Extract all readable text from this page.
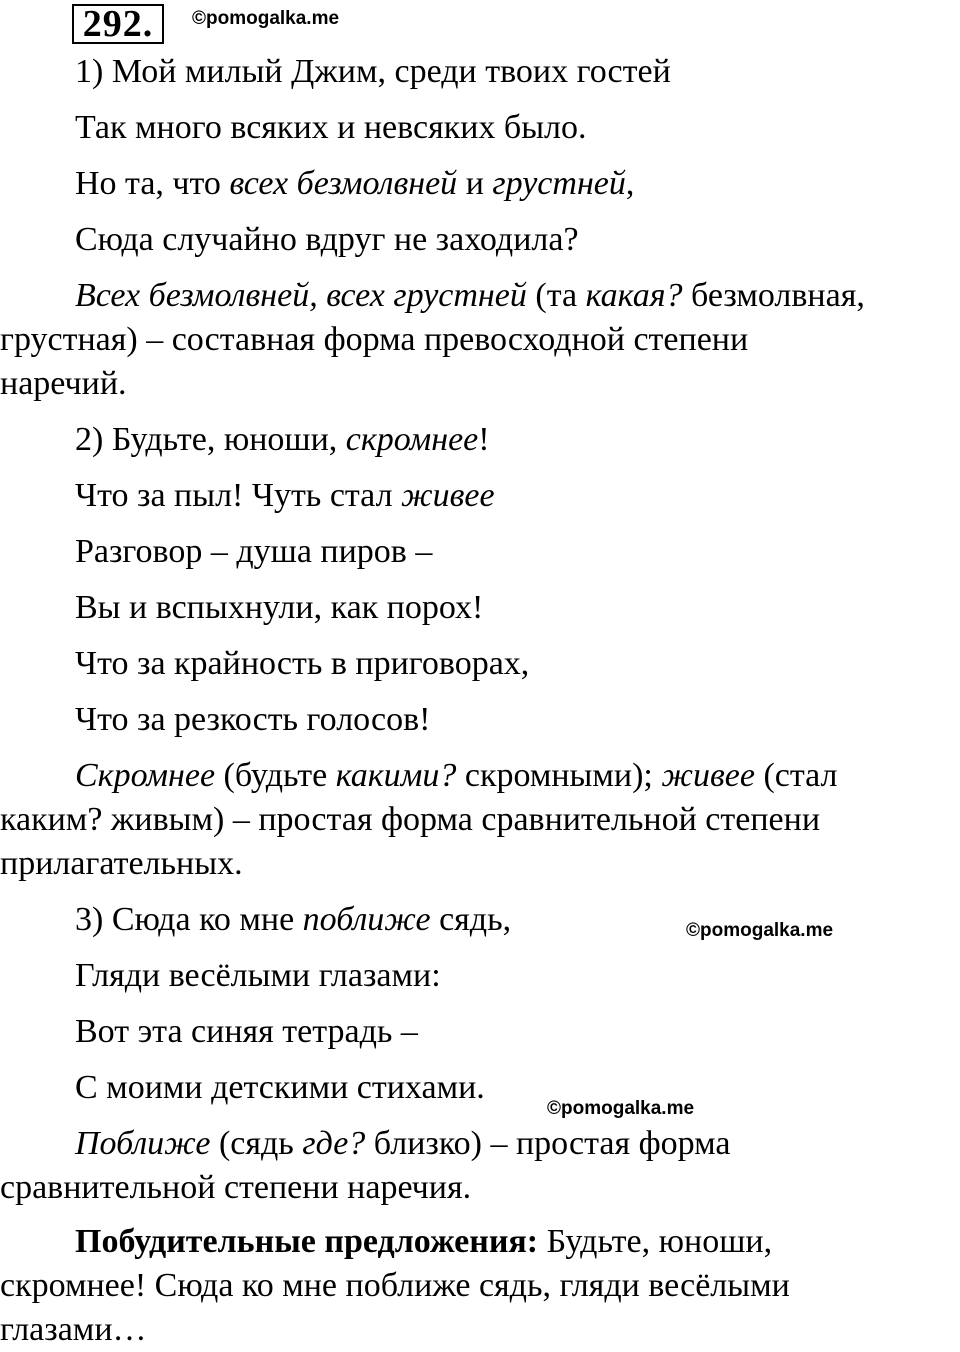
292.	©pomogalka.me
©pomogalka.me
©pomogalka.me
1) Мой милый Джим, среди твоих гостей
Так много всяких и невсяких было.
Но та, что всех безмолвней и грустней,
Сюда случайно вдруг не заходила?
Всех безмолвней, всех грустней (та какая? безмолвная,
грустная) – составная форма превосходной степени
наречий.
2) Будьте, юноши, скромнее!
Что за пыл! Чуть стал живее
Разговор – душа пиров –
Вы и вспыхнули, как порох!
Что за крайность в приговорах,
Что за резкость голосов!
Скромнее (будьте какими? скромными); живее (стал
каким? живым) – простая форма сравнительной степени
прилагательных.
3) Сюда ко мне поближе сядь,
Гляди весёлыми глазами:
Вот эта синяя тетрадь –
С моими детскими стихами.
Поближе (сядь где? близко) – простая форма
сравнительной степени наречия.
Побудительные предложения: Будьте, юноши,
скромнее! Сюда ко мне поближе сядь, гляди весёлыми
глазами…
